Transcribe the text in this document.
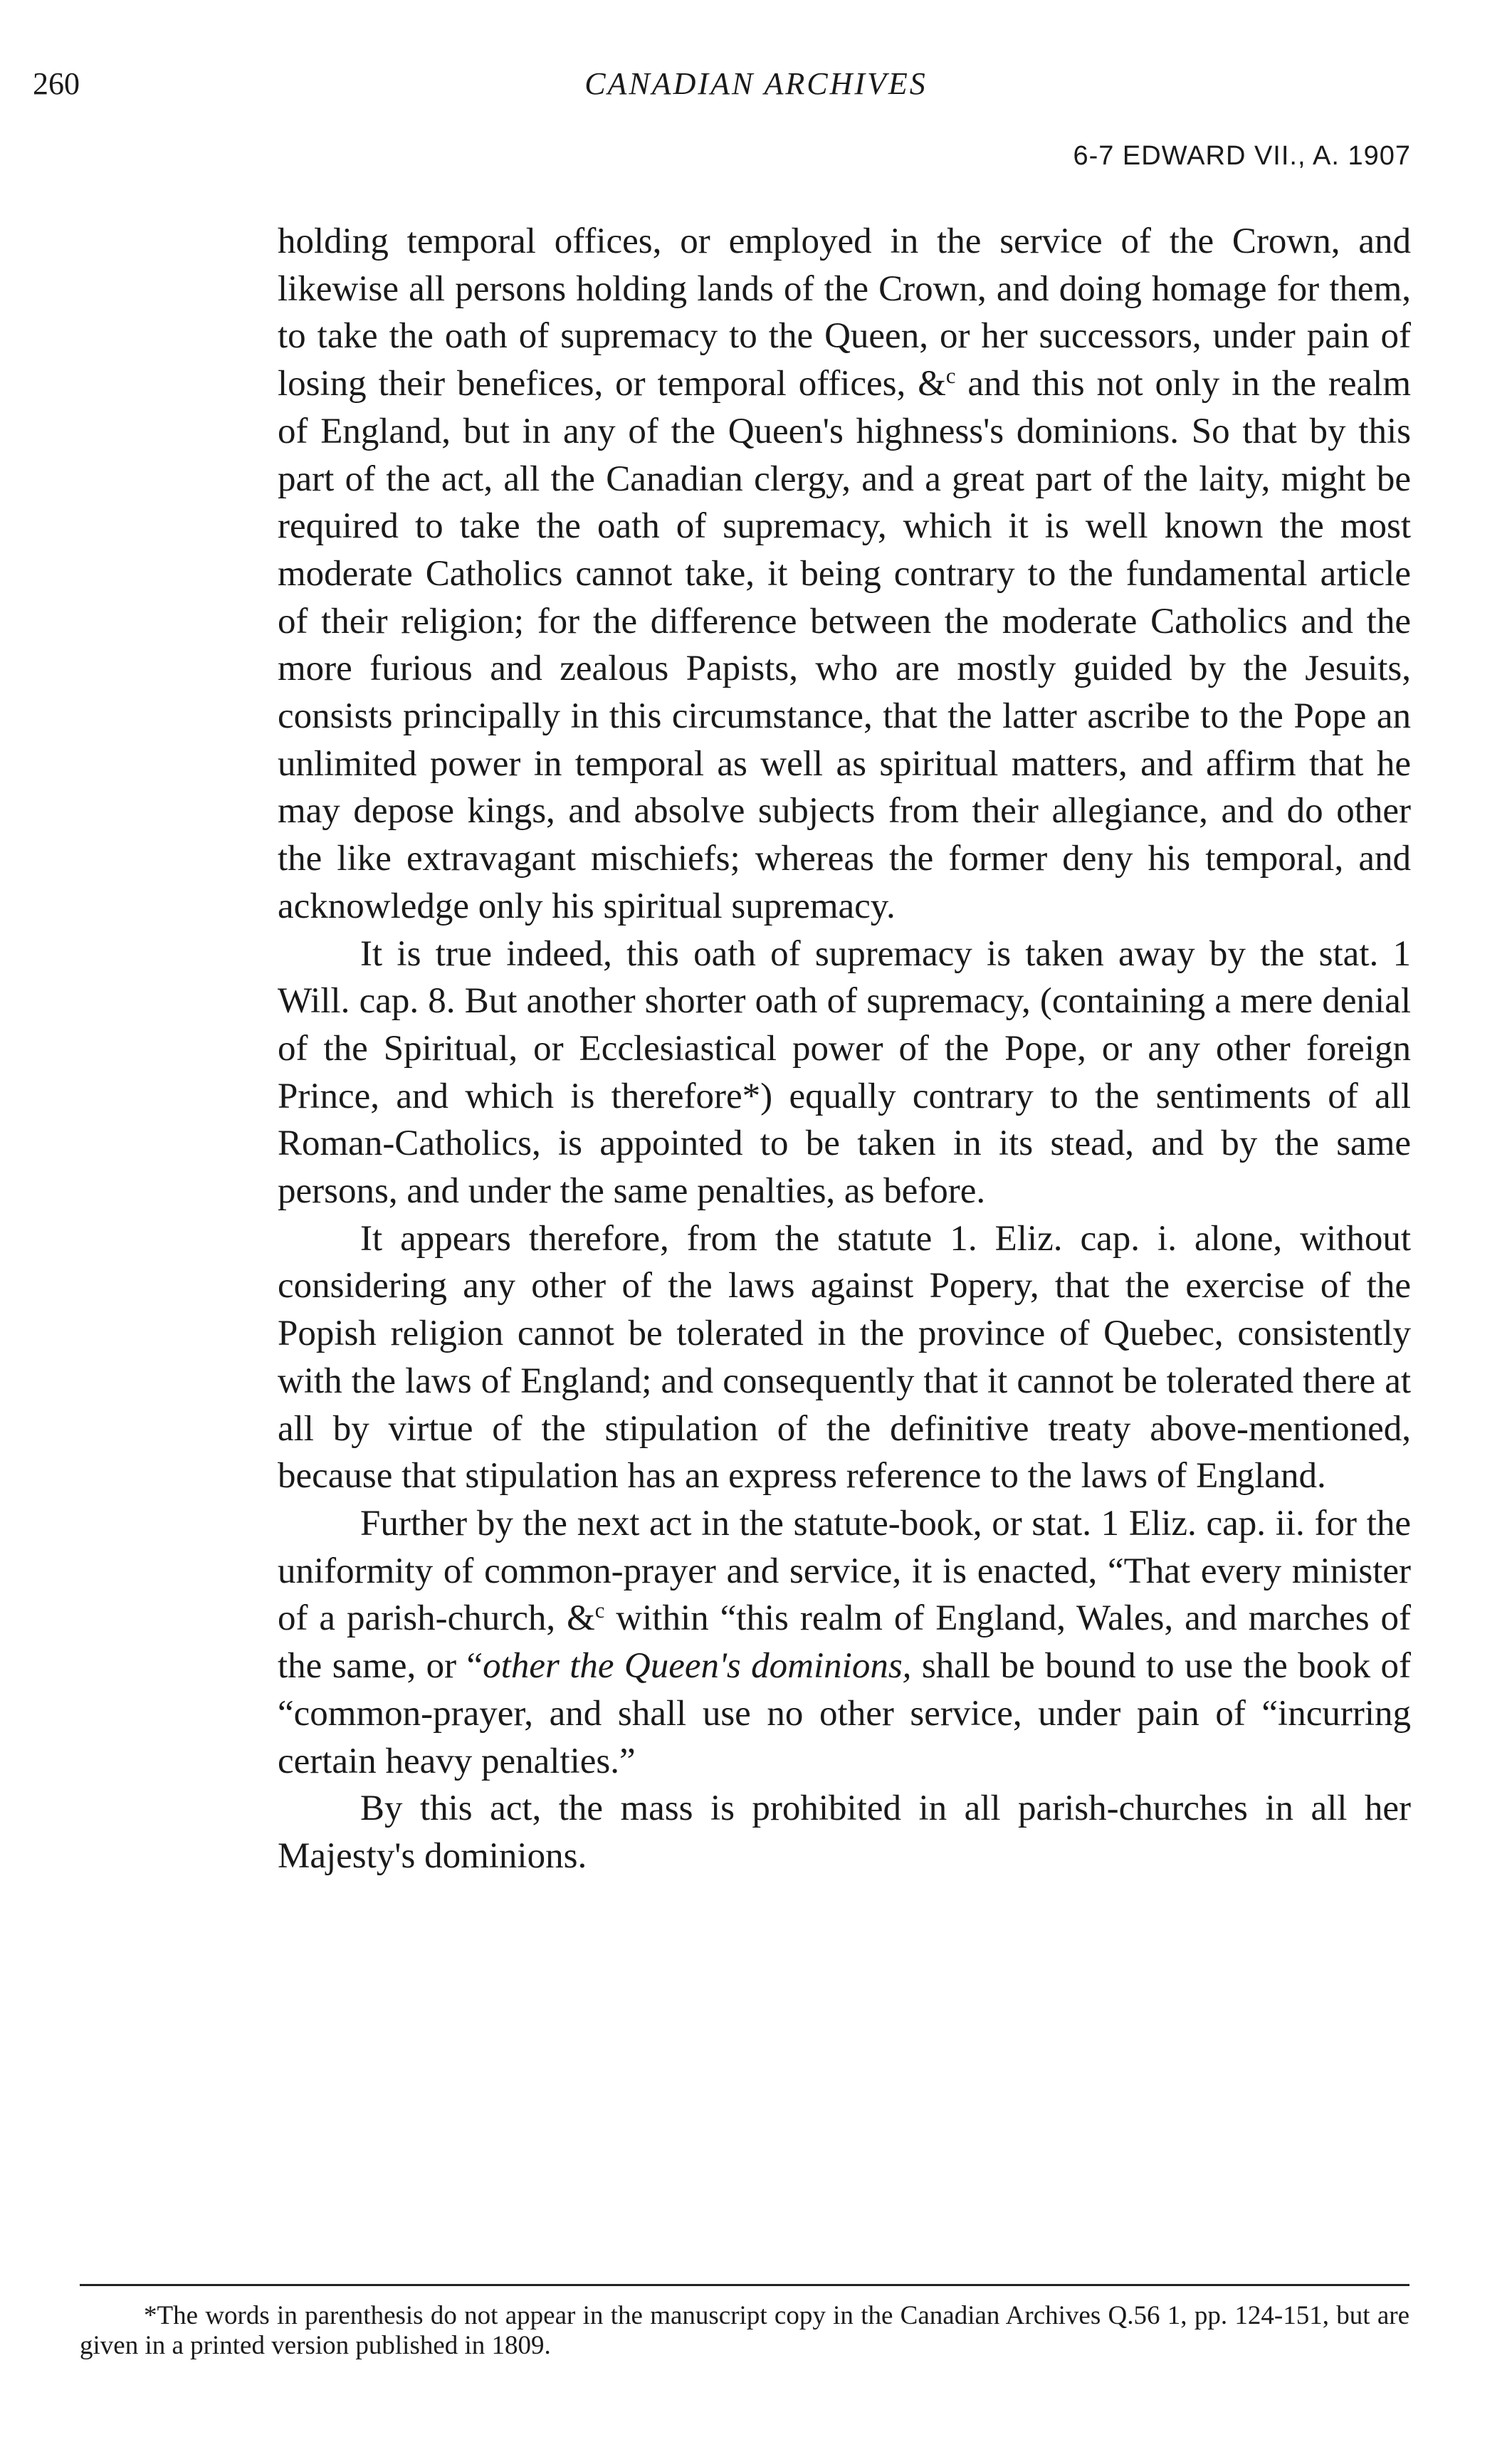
260	CANADIAN ARCHIVES
6-7 EDWARD VII., A. 1907

holding temporal offices, or employed in the service of the Crown, and likewise all persons holding lands of the Crown, and doing homage for them, to take the oath of supremacy to the Queen, or her successors, under pain of losing their benefices, or temporal offices, &$^c$ and this not only in the realm of England, but in any of the Queen's highness's dominions. So that by this part of the act, all the Canadian clergy, and a great part of the laity, might be required to take the oath of supremacy, which it is well known the most moderate Catholics cannot take, it being contrary to the fundamental article of their religion; for the difference between the moderate Catholics and the more furious and zealous Papists, who are mostly guided by the Jesuits, consists principally in this circumstance, that the latter ascribe to the Pope an unlimited power in temporal as well as spiritual matters, and affirm that he may depose kings, and absolve subjects from their allegiance, and do other the like extravagant mischiefs; whereas the former deny his temporal, and acknowledge only his spiritual supremacy.

It is true indeed, this oath of supremacy is taken away by the stat. 1 Will. cap. 8. But another shorter oath of supremacy, (containing a mere denial of the Spiritual, or Ecclesiastical power of the Pope, or any other foreign Prince, and which is therefore*) equally contrary to the sentiments of all Roman-Catholics, is appointed to be taken in its stead, and by the same persons, and under the same penalties, as before.

It appears therefore, from the statute 1. Eliz. cap. i. alone, without considering any other of the laws against Popery, that the exercise of the Popish religion cannot be tolerated in the province of Quebec, consistently with the laws of England; and consequently that it cannot be tolerated there at all by virtue of the stipulation of the definitive treaty above-mentioned, because that stipulation has an express reference to the laws of England.

Further by the next act in the statute-book, or stat. 1 Eliz. cap. ii. for the uniformity of common-prayer and service, it is enacted, “That every minister of a parish-church, &$^c$ within “this realm of England, Wales, and marches of the same, or “other the Queen's dominions, shall be bound to use the book of “common-prayer, and shall use no other service, under pain of “incurring certain heavy penalties.”

By this act, the mass is prohibited in all parish-churches in all her Majesty's dominions.

*The words in parenthesis do not appear in the manuscript copy in the Canadian Archives Q.56 1, pp. 124-151, but are given in a printed version published in 1809.
